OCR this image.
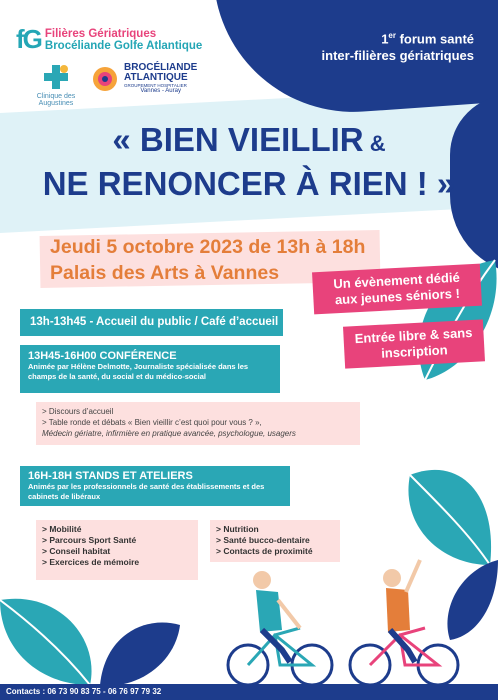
fG Filières Gériatriques
Brocéliande Golfe Atlantique
Clinique des Augustines
BROCÉLIANDE
ATLANTIQUE
GROUPEMENT HOSPITALIER
Vannes - Auray
1er forum santé
inter-filières gériatriques
« BIEN VIEILLIR &
NE RENONCER À RIEN ! »
Jeudi 5 octobre 2023 de 13h à 18h
Palais des Arts à Vannes	Un évènement dédié aux jeunes séniors !
Entrée libre & sans inscription
13h-13h45 - Accueil du public / Café d’accueil
13H45-16H00 CONFÉRENCE
Animée par Hélène Delmotte, Journaliste spécialisée dans les champs de la santé, du social et du médico-social
> Discours d’accueil
> Table ronde et débats « Bien vieillir c’est quoi pour vous ? »,
Médecin gériatre, infirmière en pratique avancée, psychologue, usagers
16H-18H STANDS ET ATELIERS
Animés par les professionnels de santé des établissements et des cabinets de libéraux
> Mobilité
> Parcours Sport Santé
> Conseil habitat
> Exercices de mémoire
> Nutrition
> Santé bucco-dentaire
> Contacts de proximité
Contacts : 06 73 90 83 75 - 06 76 97 79 32
